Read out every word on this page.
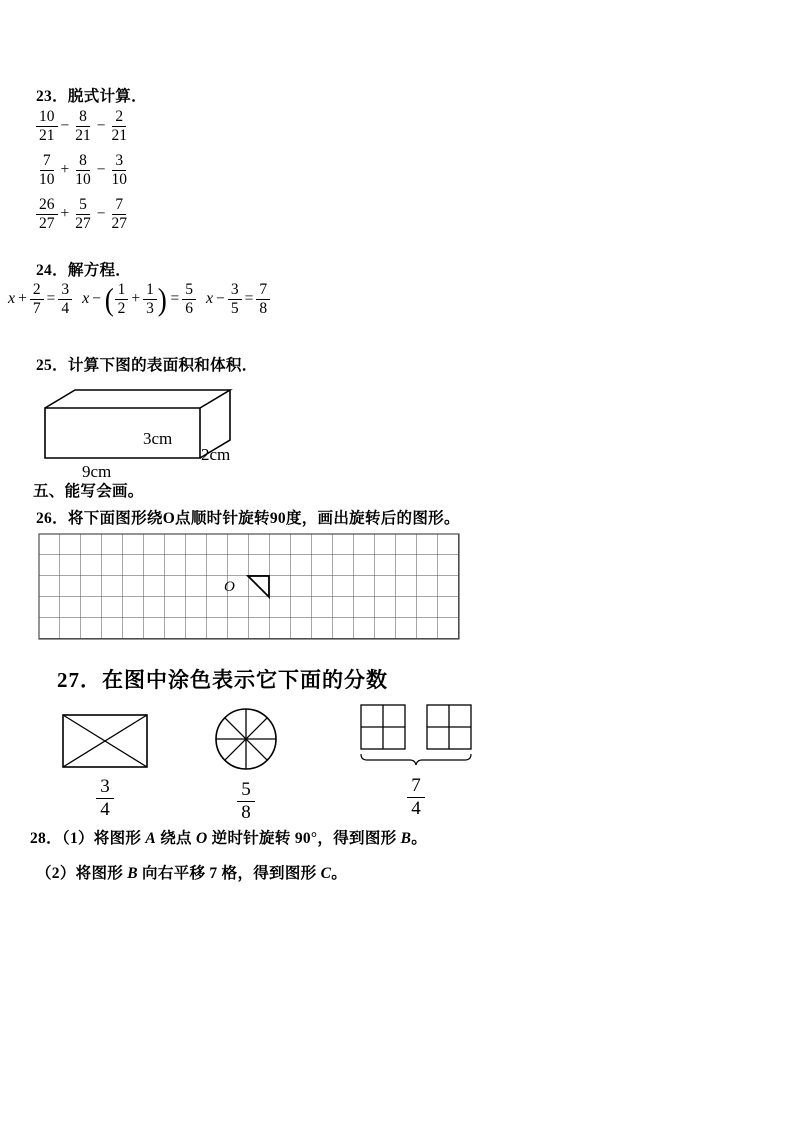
23．脱式计算．
$\frac{10}{21} - \frac{8}{21} - \frac{2}{21}$
$\frac{7}{10} + \frac{8}{10} - \frac{3}{10}$
$\frac{26}{27} + \frac{5}{27} - \frac{7}{27}$
24．解方程．
$x + \frac{2}{7} = \frac{3}{4}$ x − ( $\frac{1}{2} + \frac{1}{3}$ ) = $\frac{5}{6}$ $x - \frac{3}{5} = \frac{7}{8}$
25．计算下图的表面积和体积．
3cm
2cm
9cm
五、能写会画。
26．将下面图形绕O点顺时针旋转90度，画出旋转后的图形。
O
27．在图中涂色表示它下面的分数
$\frac{3}{4}$	$\frac{5}{8}$	$\frac{7}{4}$
28．（1）将图形 A 绕点 O 逆时针旋转 90°，得到图形 B。
（2）将图形 B 向右平移 7 格，得到图形 C。
